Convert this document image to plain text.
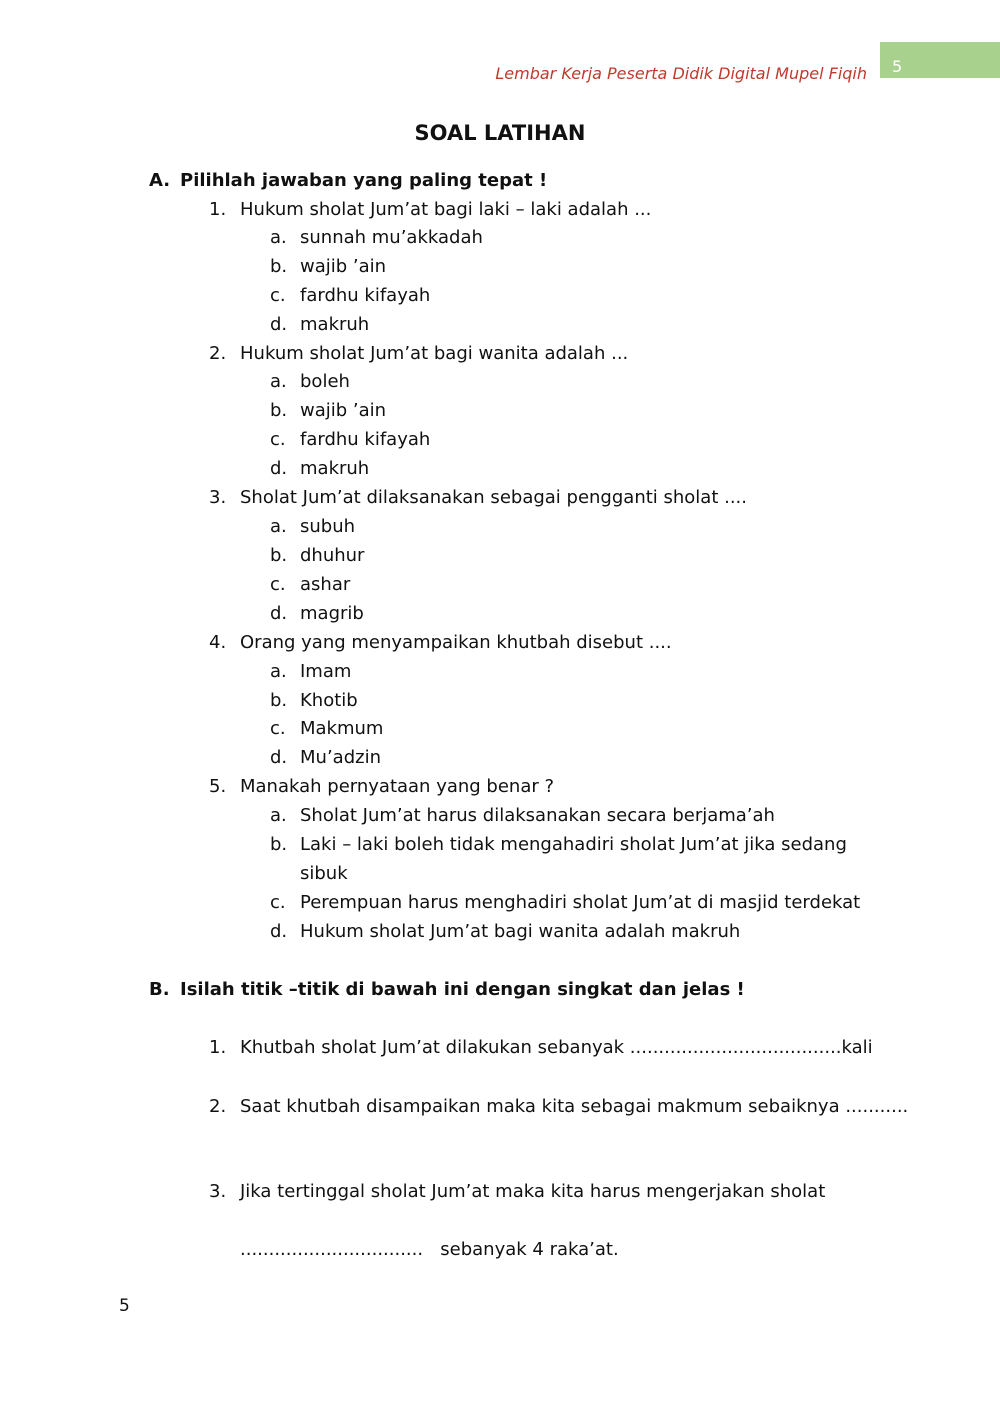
Lembar Kerja Peserta Didik Digital Mupel Fiqih	5
SOAL LATIHAN
A. Pilihlah jawaban yang paling tepat !
1. Hukum sholat Jum’at bagi laki – laki adalah ...
a. sunnah mu’akkadah
b. wajib ’ain
c. fardhu kifayah
d. makruh
2. Hukum sholat Jum’at bagi wanita adalah ...
a. boleh
b. wajib ’ain
c. fardhu kifayah
d. makruh
3. Sholat Jum’at dilaksanakan sebagai pengganti sholat ....
a. subuh
b. dhuhur
c. ashar
d. magrib
4. Orang yang menyampaikan khutbah disebut ....
a. Imam
b. Khotib
c. Makmum
d. Mu’adzin
5. Manakah pernyataan yang benar ?
a. Sholat Jum’at harus dilaksanakan secara berjama’ah
b. Laki – laki boleh tidak mengahadiri sholat Jum’at jika sedang
sibuk
c. Perempuan harus menghadiri sholat Jum’at di masjid terdekat
d. Hukum sholat Jum’at bagi wanita adalah makruh
B. Isilah titik –titik di bawah ini dengan singkat dan jelas !
1. Khutbah sholat Jum’at dilakukan sebanyak .....................................kali
2. Saat khutbah disampaikan maka kita sebagai makmum sebaiknya ...........
3. Jika tertinggal sholat Jum’at maka kita harus mengerjakan sholat
................................   sebanyak 4 raka’at.
5
